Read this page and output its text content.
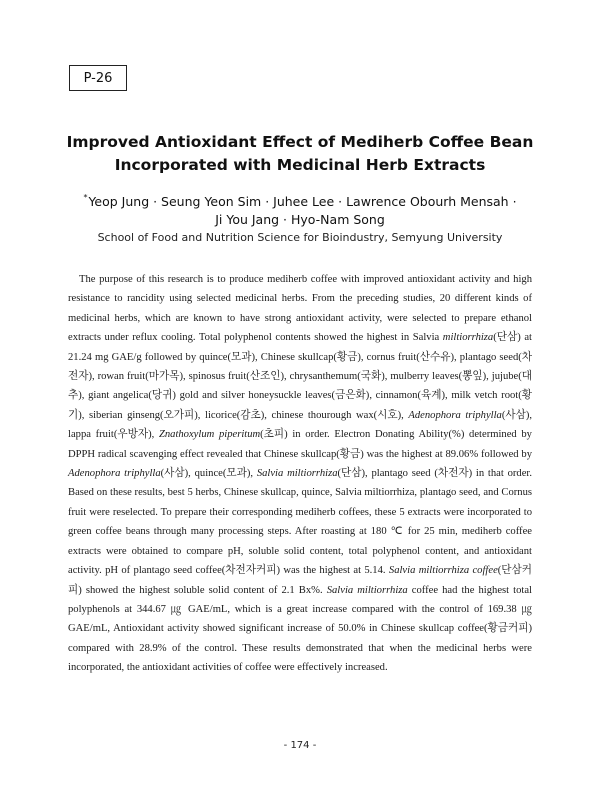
P-26
Improved Antioxidant Effect of Mediherb Coffee Bean
Incorporated with Medicinal Herb Extracts
*Yeop Jung · Seung Yeon Sim · Juhee Lee · Lawrence Obourh Mensah ·
Ji You Jang · Hyo-Nam Song
School of Food and Nutrition Science for Bioindustry, Semyung University

The purpose of this research is to produce mediherb coffee with improved antioxidant activity and high resistance to rancidity using selected medicinal herbs. From the preceding studies, 20 different kinds of medicinal herbs, which are known to have strong antioxidant activity, were selected to prepare ethanol extracts under reflux cooling. Total polyphenol contents showed the highest in Salvia miltiorrhiza(단삼) at 21.24 mg GAE/g followed by quince(모과), Chinese skullcap(황금), cornus fruit(산수유), plantago seed(차전자), rowan fruit(마가목), spinosus fruit(산조인), chrysanthemum(국화), mulberry leaves(뽕잎), jujube(대추), giant angelica(당귀) gold and silver honeysuckle leaves(금은화), cinnamon(육계), milk vetch root(황기), siberian ginseng(오가피), licorice(감초), chinese thourough wax(시호), Adenophora triphylla(사삼), lappa fruit(우방자), Znathoxylum piperitum(초피) in order. Electron Donating Ability(%) determined by DPPH radical scavenging effect revealed that Chinese skullcap(황금) was the highest at 89.06% followed by Adenophora triphylla(사삼), quince(모과), Salvia miltiorrhiza(단삼), plantago seed (차전자) in that order. Based on these results, best 5 herbs, Chinese skullcap, quince, Salvia miltiorrhiza, plantago seed, and Cornus fruit were reselected. To prepare their corresponding mediherb coffees, these 5 extracts were incorporated to green coffee beans through many processing steps. After roasting at 180 ℃ for 25 min, mediherb coffee extracts were obtained to compare pH, soluble solid content, total polyphenol content, and antioxidant activity. pH of plantago seed coffee(차전자커피) was the highest at 5.14. Salvia miltiorrhiza coffee(단삼커피) showed the highest soluble solid content of 2.1 Bx%. Salvia miltiorrhiza coffee had the highest total polyphenols at 344.67 ㎍ GAE/mL, which is a great increase compared with the control of 169.38 ㎍ GAE/mL, Antioxidant activity showed significant increase of 50.0% in Chinese skullcap coffee(황금커피) compared with 28.9% of the control. These results demonstrated that when the medicinal herbs were incorporated, the antioxidant activities of coffee were effectively increased.

- 174 -
